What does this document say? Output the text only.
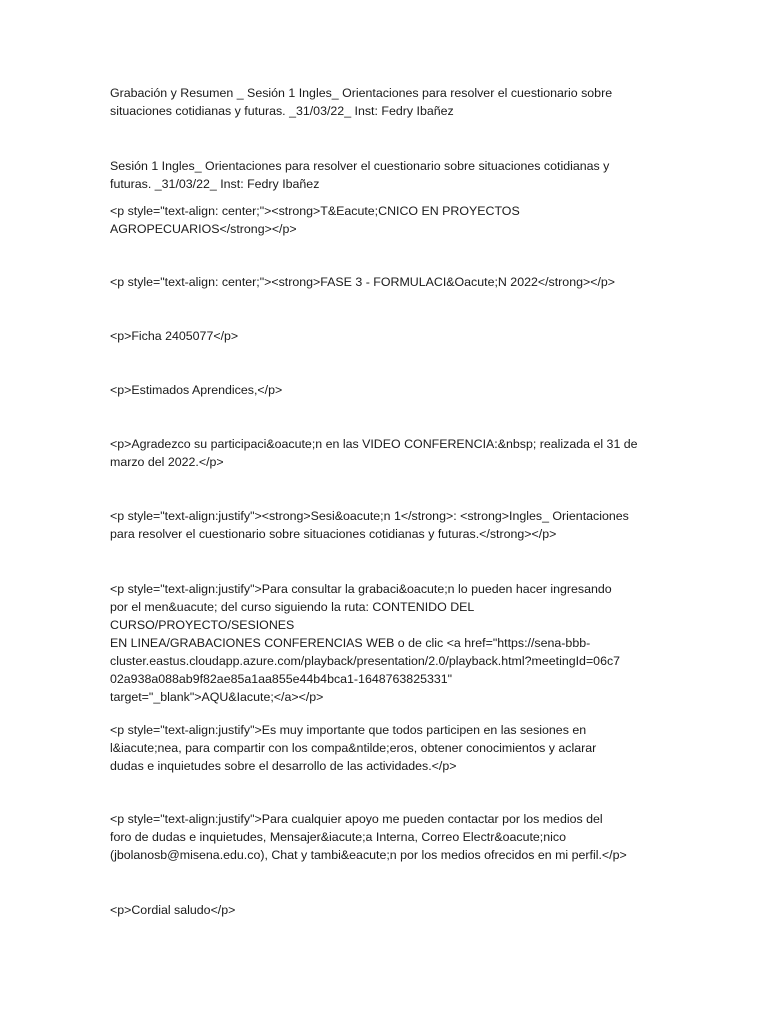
Grabación y Resumen _ Sesión 1 Ingles_ Orientaciones para resolver el cuestionario sobre
situaciones cotidianas y futuras. _31/03/22_ Inst: Fedry Ibañez

Sesión 1 Ingles_ Orientaciones para resolver el cuestionario sobre situaciones cotidianas y
futuras. _31/03/22_ Inst: Fedry Ibañez

<p style="text-align: center;"><strong>T&Eacute;CNICO EN PROYECTOS
AGROPECUARIOS</strong></p>

<p style="text-align: center;"><strong>FASE 3 - FORMULACI&Oacute;N 2022</strong></p>

<p>Ficha 2405077</p>

<p>Estimados Aprendices,</p>

<p>Agradezco su participaci&oacute;n en las VIDEO CONFERENCIA:&nbsp; realizada el 31 de
marzo del 2022.</p>

<p style="text-align:justify"><strong>Sesi&oacute;n 1</strong>: <strong>Ingles_ Orientaciones
para resolver el cuestionario sobre situaciones cotidianas y futuras.</strong></p>

<p style="text-align:justify">Para consultar la grabaci&oacute;n lo pueden hacer ingresando
por el men&uacute; del curso siguiendo la ruta: CONTENIDO DEL CURSO/PROYECTO/SESIONES
EN LINEA/GRABACIONES CONFERENCIAS WEB o de clic <a href="https://sena-bbb-
cluster.eastus.cloudapp.azure.com/playback/presentation/2.0/playback.html?meetingId=06c7
02a938a088ab9f82ae85a1aa855e44b4bca1-1648763825331"
target="_blank">AQU&Iacute;</a></p>

<p style="text-align:justify">Es muy importante que todos participen en las sesiones en
l&iacute;nea, para compartir con los compa&ntilde;eros, obtener conocimientos y aclarar
dudas e inquietudes sobre el desarrollo de las actividades.</p>

<p style="text-align:justify">Para cualquier apoyo me pueden contactar por los medios del
foro de dudas e inquietudes, Mensajer&iacute;a Interna, Correo Electr&oacute;nico
(jbolanosb@misena.edu.co), Chat y tambi&eacute;n por los medios ofrecidos en mi perfil.</p>

<p>Cordial saludo</p>
